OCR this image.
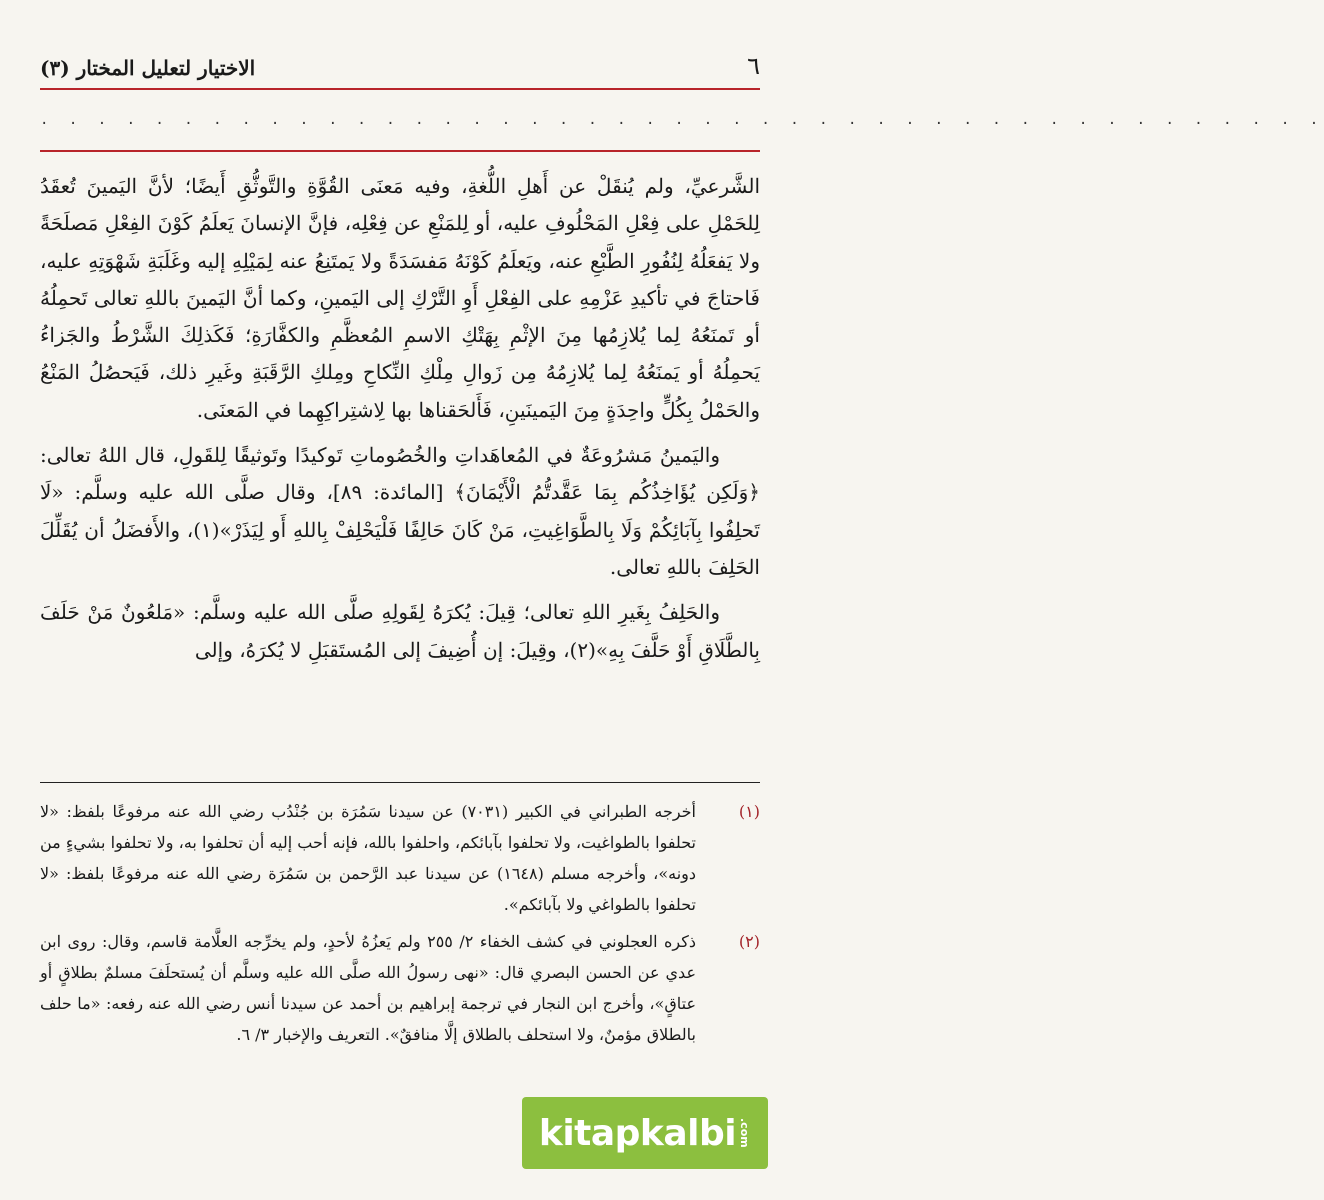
٦
الاختيار لتعليل المختار (٣)
. . . . . . . . . . . . . . . . . . . . . . . . . . . . . . . . . . . . . . . . . . . . .

الشَّرعيِّ، ولم يُنقَلْ عن أَهلِ اللُّغةِ، وفيه مَعنَى القُوَّةِ والتَّوثُّقِ أَيضًا؛ لأنَّ اليَمينَ تُعقَدُ لِلحَمْلِ على فِعْلِ المَحْلُوفِ عليه، أو لِلمَنْعِ عن فِعْلِه، فإنَّ الإنسانَ يَعلَمُ كَوْنَ الفِعْلِ مَصلَحَةً ولا يَفعَلُهُ لِنُفُورِ الطَّبْعِ عنه، ويَعلَمُ كَوْنَهُ مَفسَدَةً ولا يَمتَنِعُ عنه لِمَيْلِهِ إليه وغَلَبَةِ شَهْوَتِهِ عليه، فَاحتاجَ في تأكيدِ عَزْمِهِ على الفِعْلِ أَوِ التَّرْكِ إلى اليَمينِ، وكما أنَّ اليَمينَ باللهِ تعالى تَحمِلُهُ أو تَمنَعُهُ لِما يُلازِمُها مِنَ الإثْمِ بِهَتْكِ الاسمِ المُعظَّمِ والكفَّارَةِ؛ فَكَذلِكَ الشَّرْطُ والجَزاءُ يَحمِلُهُ أو يَمنَعُهُ لِما يُلازِمُهُ مِن زَوالِ مِلْكِ النِّكاحِ ومِلكِ الرَّقَبَةِ وغَيرِ ذلك، فَيَحصُلُ المَنْعُ والحَمْلُ بِكُلٍّ واحِدَةٍ مِنَ اليَمينَينِ، فَأَلحَقناها بها لِاشتِراكِهِما في المَعنَى.

واليَمينُ مَشرُوعَةٌ في المُعاهَداتِ والخُصُوماتِ تَوكيدًا وتَوثيقًا لِلقَولِ، قال اللهُ تعالى: ﴿وَلَكِن يُؤَاخِذُكُم بِمَا عَقَّدتُّمُ الْأَيْمَانَ﴾ [المائدة: ٨٩]، وقال صلَّى الله عليه وسلَّم: «لَا تَحلِفُوا بِآبَائِكُمْ وَلَا بِالطَّوَاغِيتِ، مَنْ كَانَ حَالِفًا فَلْيَحْلِفْ بِاللهِ أَو لِيَذَرْ»(١)، والأَفضَلُ أن يُقَلِّلَ الحَلِفَ باللهِ تعالى.

والحَلِفُ بِغَيرِ اللهِ تعالى؛ قِيلَ: يُكرَهُ لِقَولِهِ صلَّى الله عليه وسلَّم: «مَلعُونٌ مَنْ حَلَفَ بِالطَّلَاقِ أَوْ حَلَّفَ بِهِ»(٢)، وقِيلَ: إن أُضِيفَ إلى المُستَقبَلِ لا يُكرَهُ، وإلى

(١)
أخرجه الطبراني في الكبير (٧٠٣١) عن سيدنا سَمُرَة بن جُنْدُب رضي الله عنه مرفوعًا بلفظ: «لا تحلفوا بالطواغيت، ولا تحلفوا بآبائكم، واحلفوا بالله، فإنه أحب إليه أن تحلفوا به، ولا تحلفوا بشيءٍ من دونه»، وأخرجه مسلم (١٦٤٨) عن سيدنا عبد الرَّحمن بن سَمُرَة رضي الله عنه مرفوعًا بلفظ: «لا تحلفوا بالطواغي ولا بآبائكم».
(٢)
ذكره العجلوني في كشف الخفاء ٢/ ٢٥٥ ولم يَعزُهُ لأحدٍ، ولم يخرِّجه العلَّامة قاسم، وقال: روى ابن عدي عن الحسن البصري قال: «نهى رسولُ الله صلَّى الله عليه وسلَّم أن يُستحلَفَ مسلمٌ بطلاقٍ أو عتاقٍ»، وأخرج ابن النجار في ترجمة إبراهيم بن أحمد عن سيدنا أنس رضي الله عنه رفعه: «ما حلف بالطلاق مؤمنٌ، ولا استحلف بالطلاق إلَّا منافقٌ». التعريف والإخبار ٣/ ٦.
kitapkalbi .com
